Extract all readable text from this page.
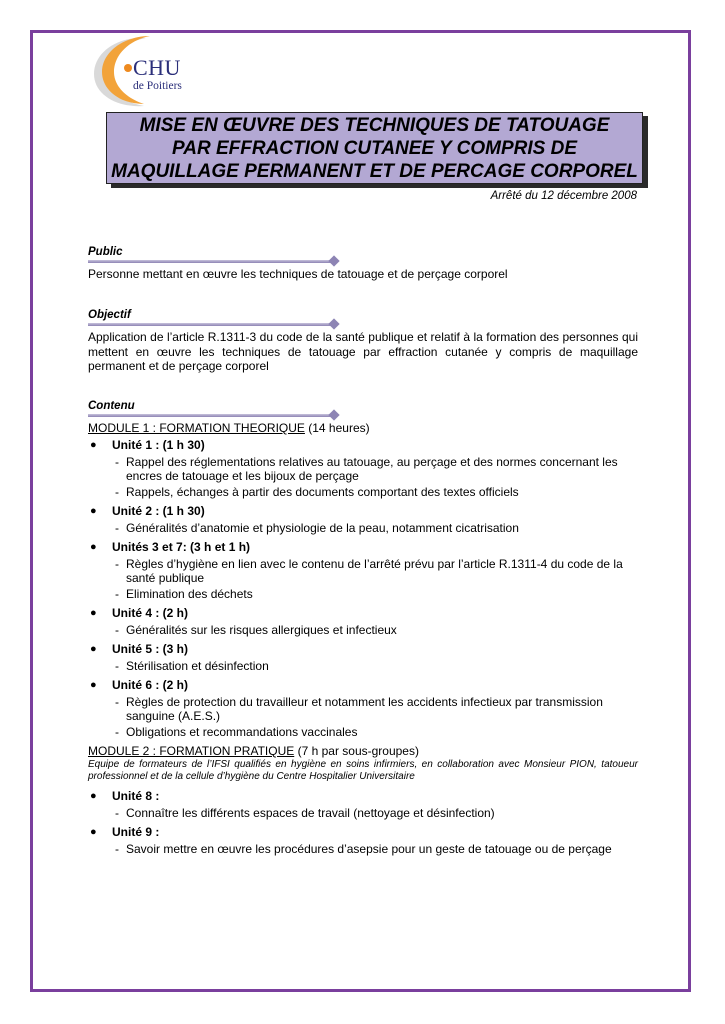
CHU
de Poitiers

MISE EN ŒUVRE DES TECHNIQUES DE TATOUAGE
PAR EFFRACTION CUTANEE Y COMPRIS DE
MAQUILLAGE PERMANENT ET DE PERCAGE CORPOREL

Arrêté du 12 décembre 2008
Public
Personne mettant en œuvre les techniques de tatouage et de perçage corporel
Objectif
Application de l’article R.1311-3 du code de la santé publique et relatif à la formation des personnes qui mettent en œuvre les techniques de tatouage par effraction cutanée y compris de maquillage permanent et de perçage corporel
Contenu
MODULE 1 : FORMATION THEORIQUE (14 heures)
● Unité 1 : (1 h 30)
- Rappel des réglementations relatives au tatouage, au perçage et des normes concernant les encres de tatouage et les bijoux de perçage
- Rappels, échanges à partir des documents comportant des textes officiels
● Unité 2 : (1 h 30)
- Généralités d’anatomie et physiologie de la peau, notamment cicatrisation
● Unités 3 et 7: (3 h et 1 h)
- Règles d’hygiène en lien avec le contenu de l’arrêté prévu par l’article R.1311-4 du code de la santé publique
- Elimination des déchets
● Unité 4 : (2 h)
- Généralités sur les risques allergiques et infectieux
● Unité 5 : (3 h)
- Stérilisation et désinfection
● Unité 6 : (2 h)
- Règles de protection du travailleur et notamment les accidents infectieux par transmission sanguine (A.E.S.)
- Obligations et recommandations vaccinales
MODULE 2 : FORMATION PRATIQUE (7 h par sous-groupes)
Equipe de formateurs de l’IFSI qualifiés en hygiène en soins infirmiers, en collaboration avec Monsieur PION, tatoueur professionnel et de la cellule d’hygiène du Centre Hospitalier Universitaire
● Unité 8 :
- Connaître les différents espaces de travail (nettoyage et désinfection)
● Unité 9 :
- Savoir mettre en œuvre les procédures d’asepsie pour un geste de tatouage ou de perçage
